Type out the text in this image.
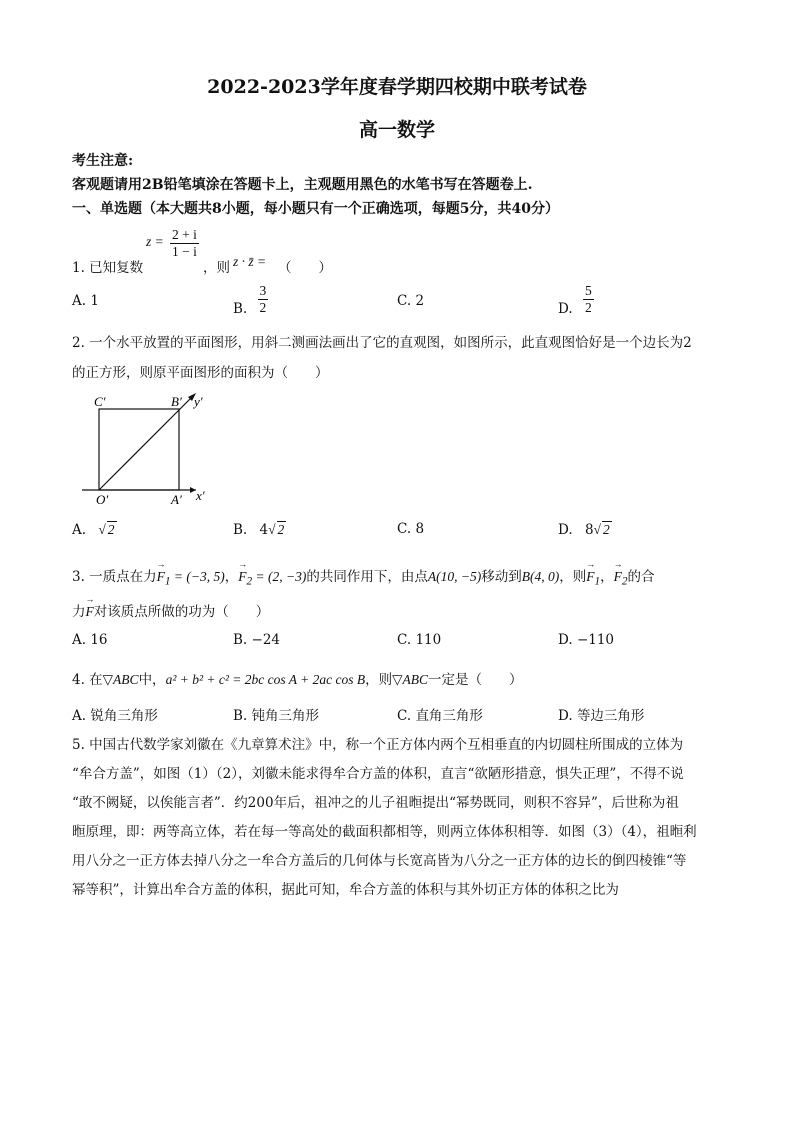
2022-2023学年度春学期四校期中联考试卷
高一数学
考生注意:
客观题请用2B铅笔填涂在答题卡上，主观题用黑色的水笔书写在答题卷上.
一、单选题（本大题共8小题，每小题只有一个正确选项，每题5分，共40分）
$z = \frac{2 + i}{1 - i}$
1. 已知复数	，则 z · z̄ = （　　）
A. 1	B. $\frac{3}{2}$	C. 2	D. $\frac{5}{2}$
2. 一个水平放置的平面图形，用斜二测画法画出了它的直观图，如图所示，此直观图恰好是一个边长为2
的正方形，则原平面图形的面积为（　　）
C′	B′ y′
O′	A′ x′
A. √ 2	B. 4√ 2	C. 8	D. 8√ 2
3. 一质点在力→ $F_1 = (-3$, 5)，→ $F_2 = (2$, −3)的共同作用下，由点A(10, −5)移动到B(4, 0)，则→ $F_1$，→ $F_2$的合
力→ F对该质点所做的功为（　　）
A. 16	B. −24	C. 110	D. −110
4. 在▽ABC中，a² + b² + c² = 2bc cos A + 2ac cos B，则▽ABC一定是（　　）
A. 锐角三角形	B. 钝角三角形	C. 直角三角形	D. 等边三角形
5. 中国古代数学家刘徽在《九章算术注》中，称一个正方体内两个互相垂直的内切圆柱所围成的立体为
“牟合方盖”，如图（1）（2），刘徽未能求得牟合方盖的体积，直言“欲陋形措意，惧失正理”，不得不说
“敢不阙疑，以俟能言者”．约200年后，祖冲之的儿子祖暅提出“幂势既同，则积不容异”，后世称为祖
暅原理，即：两等高立体，若在每一等高处的截面积都相等，则两立体体积相等．如图（3）（4），祖暅利
用八分之一正方体去掉八分之一牟合方盖后的几何体与长宽高皆为八分之一正方体的边长的倒四棱锥“等
幂等积”，计算出牟合方盖的体积，据此可知，牟合方盖的体积与其外切正方体的体积之比为
